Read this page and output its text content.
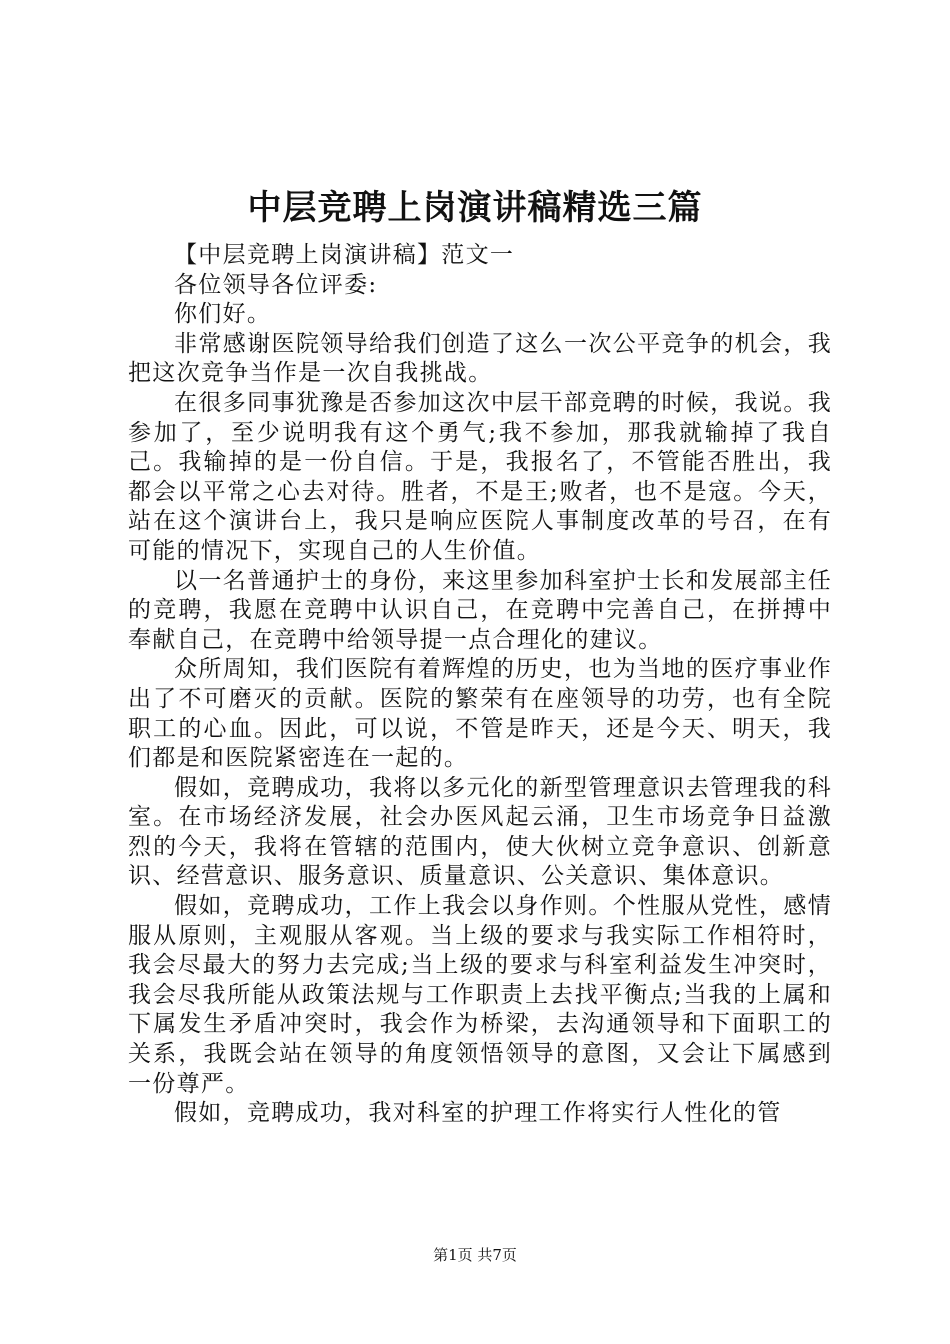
中层竞聘上岗演讲稿精选三篇

【中层竞聘上岗演讲稿】范文一

各位领导各位评委:

你们好。

非常感谢医院领导给我们创造了这么一次公平竞争的机会，我把这次竞争当作是一次自我挑战。

在很多同事犹豫是否参加这次中层干部竞聘的时候，我说。我参加了，至少说明我有这个勇气;我不参加，那我就输掉了我自己。我输掉的是一份自信。于是，我报名了，不管能否胜出，我都会以平常之心去对待。胜者，不是王;败者，也不是寇。今天，站在这个演讲台上，我只是响应医院人事制度改革的号召，在有可能的情况下，实现自己的人生价值。

以一名普通护士的身份，来这里参加科室护士长和发展部主任的竞聘，我愿在竞聘中认识自己，在竞聘中完善自己，在拼搏中奉献自己，在竞聘中给领导提一点合理化的建议。

众所周知，我们医院有着辉煌的历史，也为当地的医疗事业作出了不可磨灭的贡献。医院的繁荣有在座领导的功劳，也有全院职工的心血。因此，可以说，不管是昨天，还是今天、明天，我们都是和医院紧密连在一起的。

假如，竞聘成功，我将以多元化的新型管理意识去管理我的科室。在市场经济发展，社会办医风起云涌，卫生市场竞争日益激烈的今天，我将在管辖的范围内，使大伙树立竞争意识、创新意识、经营意识、服务意识、质量意识、公关意识、集体意识。

假如，竞聘成功，工作上我会以身作则。个性服从党性，感情服从原则，主观服从客观。当上级的要求与我实际工作相符时，我会尽最大的努力去完成;当上级的要求与科室利益发生冲突时，我会尽我所能从政策法规与工作职责上去找平衡点;当我的上属和下属发生矛盾冲突时，我会作为桥梁，去沟通领导和下面职工的关系，我既会站在领导的角度领悟领导的意图，又会让下属感到一份尊严。

假如，竞聘成功，我对科室的护理工作将实行人性化的管

第1页 共7页
